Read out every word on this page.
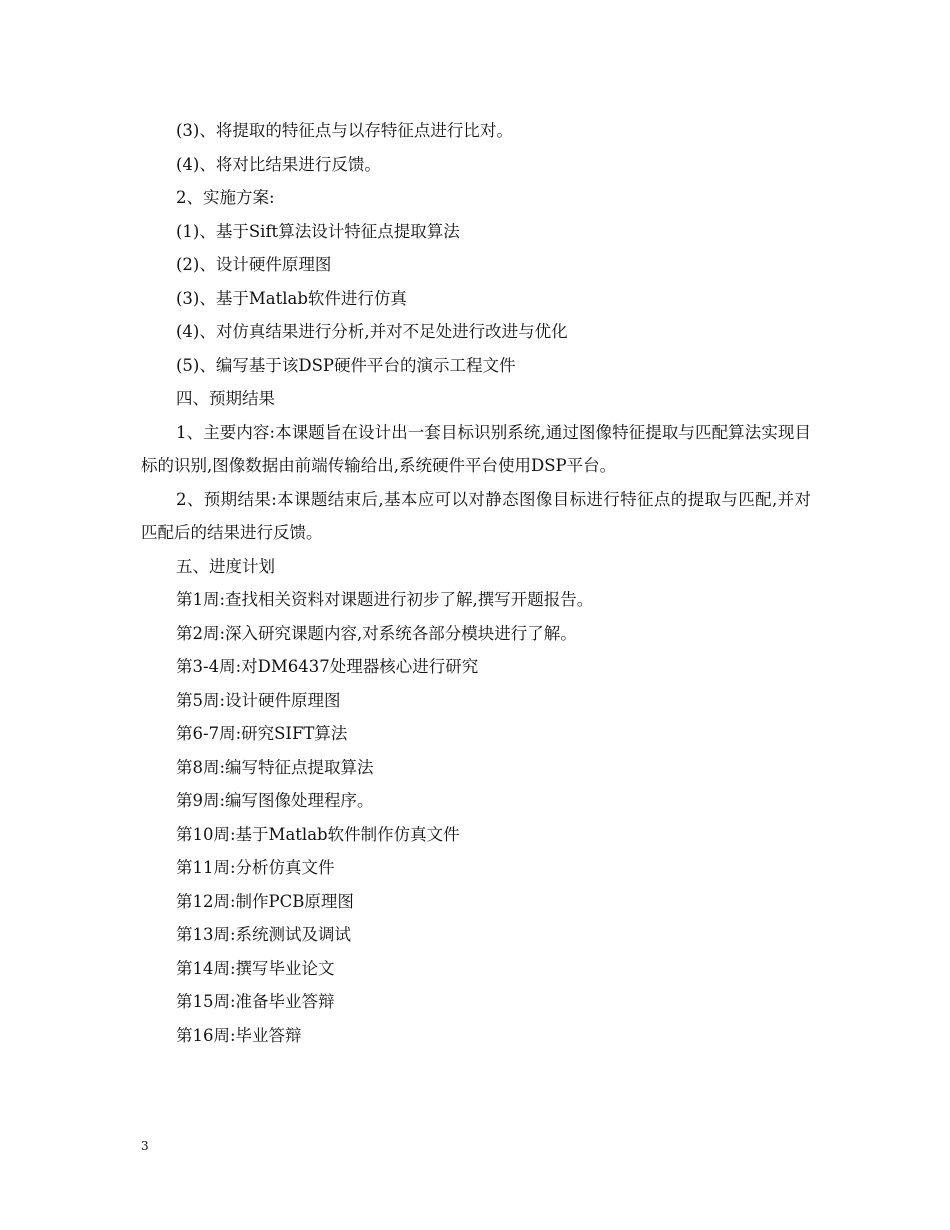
(3)、将提取的特征点与以存特征点进行比对。
(4)、将对比结果进行反馈。
2、实施方案:
(1)、基于Sift算法设计特征点提取算法
(2)、设计硬件原理图
(3)、基于Matlab软件进行仿真
(4)、对仿真结果进行分析,并对不足处进行改进与优化
(5)、编写基于该DSP硬件平台的演示工程文件
四、预期结果

1、主要内容:本课题旨在设计出一套目标识别系统,通过图像特征提取与匹配算法实现目标的识别,图像数据由前端传输给出,系统硬件平台使用DSP平台。

2、预期结果:本课题结束后,基本应可以对静态图像目标进行特征点的提取与匹配,并对匹配后的结果进行反馈。

五、进度计划
第1周:查找相关资料对课题进行初步了解,撰写开题报告。
第2周:深入研究课题内容,对系统各部分模块进行了解。
第3-4周:对DM6437处理器核心进行研究
第5周:设计硬件原理图
第6-7周:研究SIFT算法
第8周:编写特征点提取算法
第9周:编写图像处理程序。
第10周:基于Matlab软件制作仿真文件
第11周:分析仿真文件
第12周:制作PCB原理图
第13周:系统测试及调试
第14周:撰写毕业论文
第15周:准备毕业答辩
第16周:毕业答辩
3
